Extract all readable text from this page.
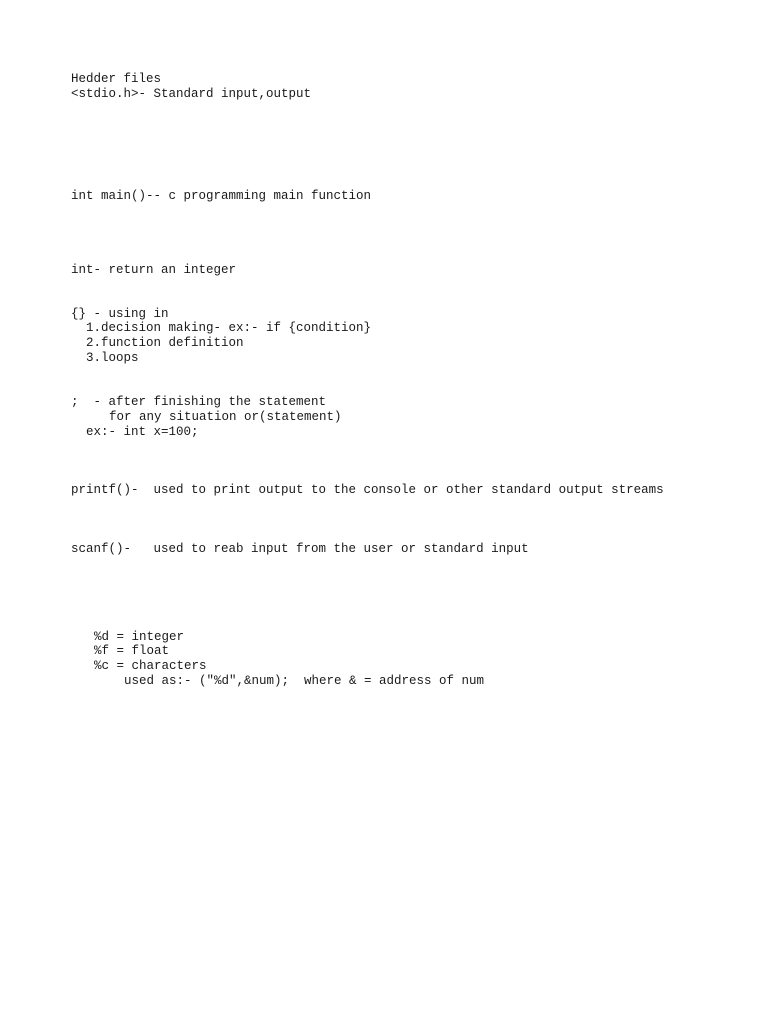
Hedder files
<stdio.h>- Standard input,output
int main()-- c programming main function
int- return an integer
{} - using in
1.decision making- ex:- if {condition}
2.function definition
3.loops
;  - after finishing the statement
for any situation or(statement)
ex:- int x=100;
printf()-  used to print output to the console or other standard output streams
scanf()-   used to reab input from the user or standard input
%d = integer
%f = float
%c = characters
used as:- ("%d",&num);  where & = address of num
